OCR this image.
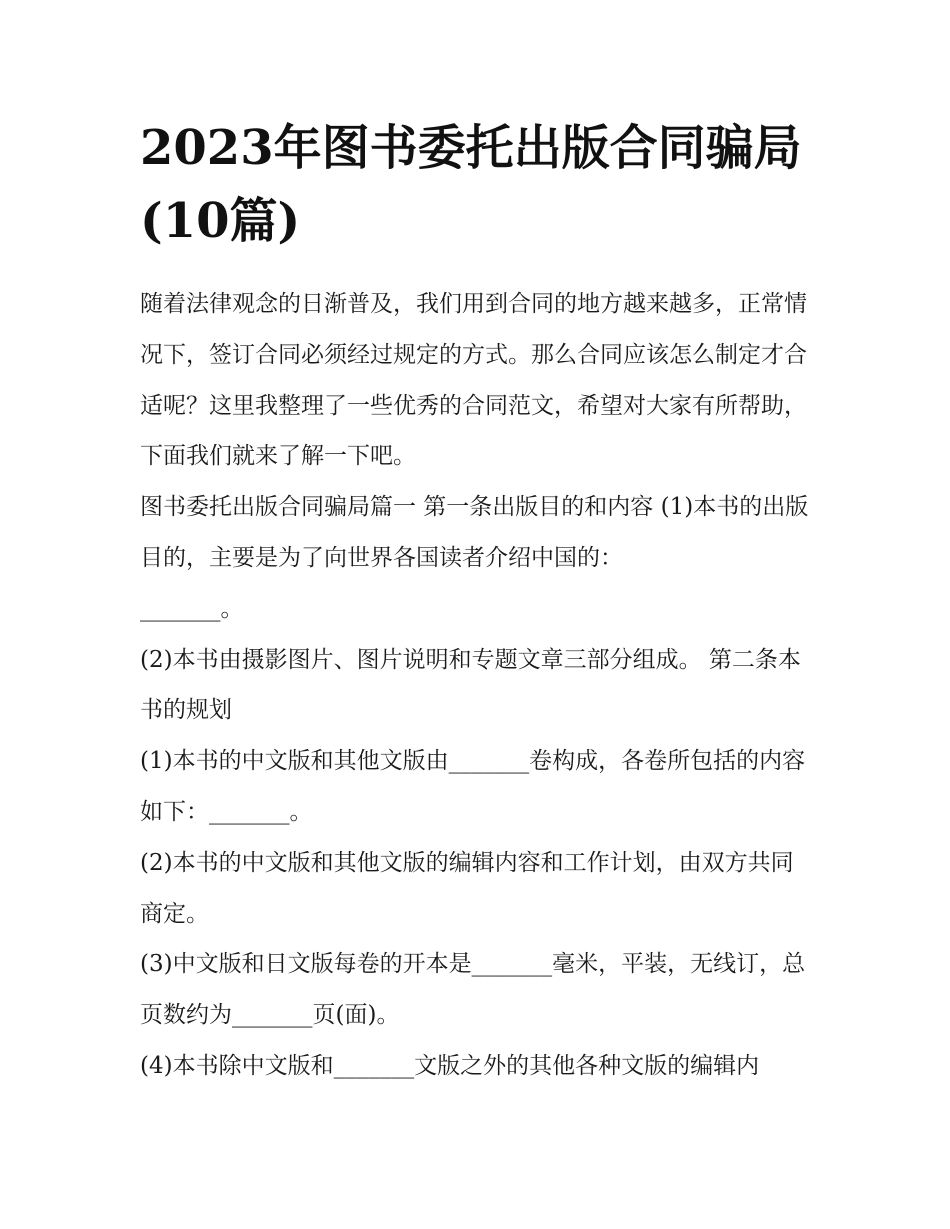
2023年图书委托出版合同骗局(10篇)

随着法律观念的日渐普及，我们用到合同的地方越来越多，正常情况下，签订合同必须经过规定的方式。那么合同应该怎么制定才合适呢？这里我整理了一些优秀的合同范文，希望对大家有所帮助，下面我们就来了解一下吧。

图书委托出版合同骗局篇一 第一条出版目的和内容 (1)本书的出版目的，主要是为了向世界各国读者介绍中国的：

_______。

(2)本书由摄影图片、图片说明和专题文章三部分组成。 第二条本书的规划

(1)本书的中文版和其他文版由_______卷构成，各卷所包括的内容如下：_______。

(2)本书的中文版和其他文版的编辑内容和工作计划，由双方共同商定。

(3)中文版和日文版每卷的开本是_______毫米，平装，无线订，总页数约为_______页(面)。

(4)本书除中文版和_______文版之外的其他各种文版的编辑内
